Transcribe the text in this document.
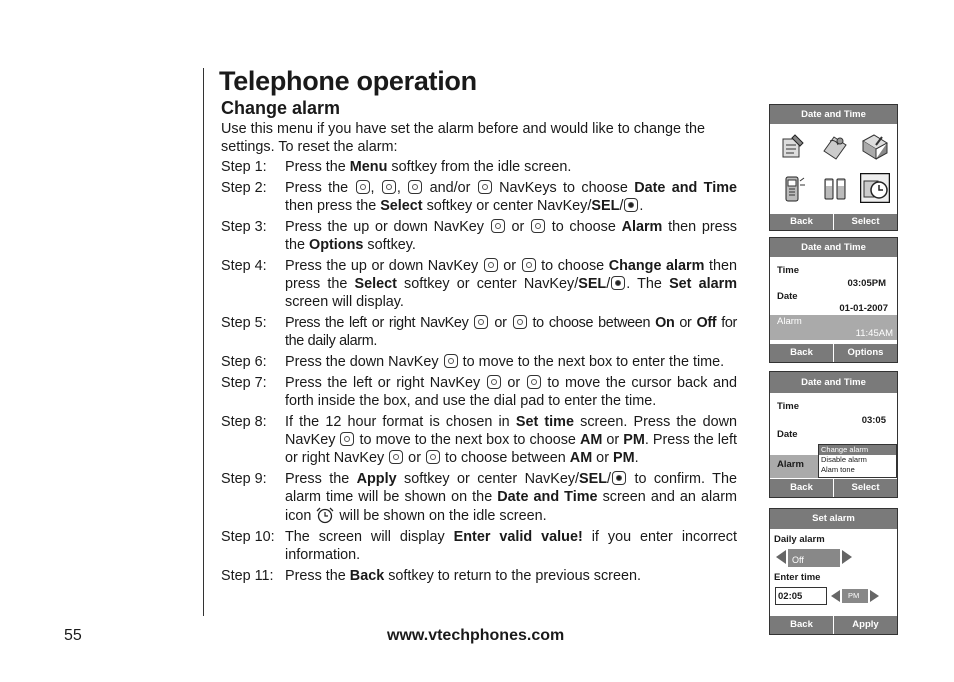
Telephone operation
Change alarm

Use this menu if you have set the alarm before and would like to change the settings. To reset the alarm:

Step 1:	Press the Menu softkey from the idle screen.
Step 2:	Press the , ,  and/or  NavKeys to choose Date and Time then press the Select softkey or center NavKey/SEL/ .
Step 3:	Press the up or down NavKey  or  to choose Alarm then press the Options softkey.
Step 4:	Press the up or down NavKey  or  to choose Change alarm then press the Select softkey or center NavKey/SEL/ . The Set alarm screen will display.
Step 5:	Press the left or right NavKey  or  to choose between On or Off for the daily alarm.
Step 6:	Press the down NavKey  to move to the next box to enter the time.
Step 7:	Press the left or right NavKey  or  to move the cursor back and forth inside the box, and use the dial pad to enter the time.
Step 8:	If the 12 hour format is chosen in Set time screen. Press the down NavKey  to move to the next box to choose AM or PM. Press the left or right NavKey  or  to choose between AM or PM.
Step 9:	Press the Apply softkey or center NavKey/SEL/ to confirm. The alarm time will be shown on the Date and Time screen and an alarm icon  will be shown on the idle screen.
Step 10: The screen will display Enter valid value! if you enter incorrect information.
Step 11: Press the Back softkey to return to the previous screen.

55	www.vtechphones.com

Date and Time
Back	Select
Date and Time
Time
03:05PM
Date
01-01-2007
Alarm
11:45AM
Back	Options
Date and Time
Time
03:05
Date
Alarm
Change alarm
Disable alarm
Alam tone
Back	Select
Set alarm
Daily alarm
Off
Enter time
02:05	PM
Back	Apply
